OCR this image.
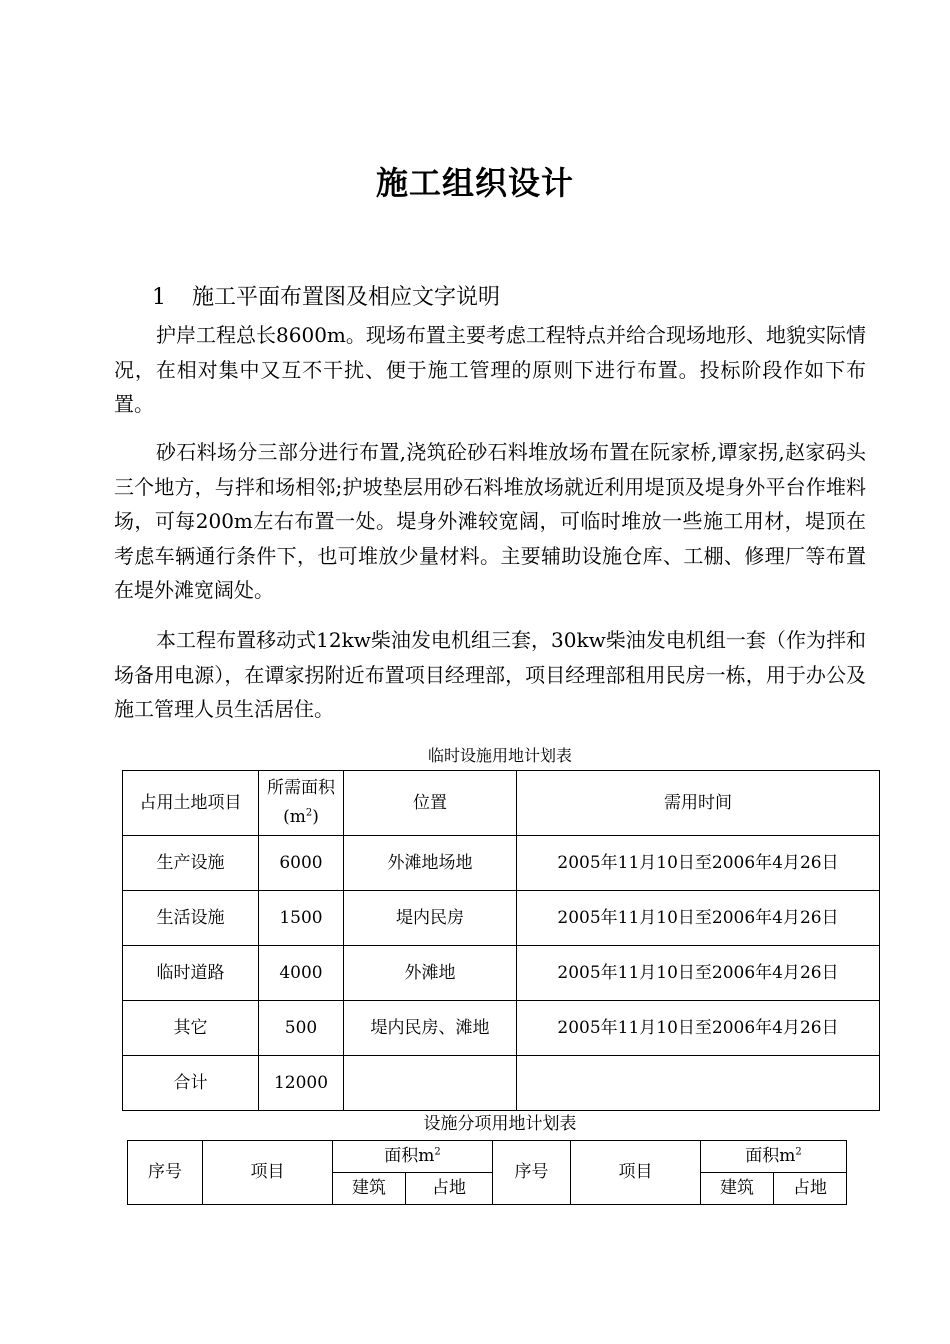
施工组织设计
1 施工平面布置图及相应文字说明

护岸工程总长8600m。现场布置主要考虑工程特点并给合现场地形、地貌实际情况，在相对集中又互不干扰、便于施工管理的原则下进行布置。投标阶段作如下布置。

砂石料场分三部分进行布置,浇筑砼砂石料堆放场布置在阮家桥,谭家拐,赵家码头三个地方，与拌和场相邻;护坡垫层用砂石料堆放场就近利用堤顶及堤身外平台作堆料场，可每200m左右布置一处。堤身外滩较宽阔，可临时堆放一些施工用材，堤顶在考虑车辆通行条件下，也可堆放少量材料。主要辅助设施仓库、工棚、修理厂等布置在堤外滩宽阔处。

本工程布置移动式12kw柴油发电机组三套，30kw柴油发电机组一套（作为拌和场备用电源），在谭家拐附近布置项目经理部，项目经理部租用民房一栋，用于办公及施工管理人员生活居住。

临时设施用地计划表
占用土地项目	所需面积$(m^2)$	位置	需用时间
生产设施	6000	外滩地场地	2005年11月10日至2006年4月26日
生活设施	1500	堤内民房	2005年11月10日至2006年4月26日
临时道路	4000	外滩地	2005年11月10日至2006年4月26日
其它	500	堤内民房、滩地	2005年11月10日至2006年4月26日
合计	12000		
设施分项用地计划表
序号	项目	面积$m^2$		序号	项目	面积$m^2$
		建筑	占地			建筑	占地
